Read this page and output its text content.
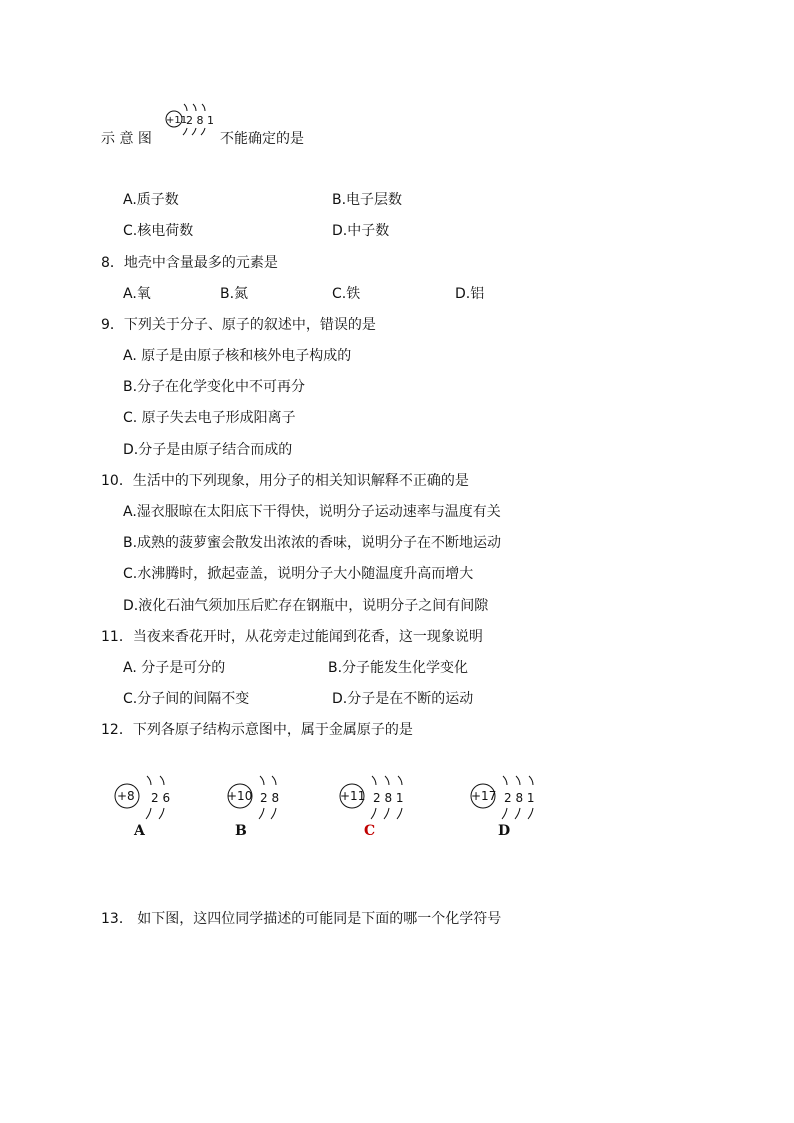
示 意 图
+11
2 8 1
不能确定的是
A.质子数	B.电子层数
C.核电荷数	D.中子数
8．地壳中含量最多的元素是
A.氧	B.氮	C.铁	D.铝
9．下列关于分子、原子的叙述中，错误的是
A. 原子是由原子核和核外电子构成的
B.分子在化学变化中不可再分
C. 原子失去电子形成阳离子
D.分子是由原子结合而成的
10．生活中的下列现象，用分子的相关知识解释不正确的是
A.湿衣服晾在太阳底下干得快，说明分子运动速率与温度有关
B.成熟的菠萝蜜会散发出浓浓的香味，说明分子在不断地运动
C.水沸腾时，掀起壶盖，说明分子大小随温度升高而增大
D.液化石油气须加压后贮存在钢瓶中，说明分子之间有间隙
11．当夜来香花开时，从花旁走过能闻到花香，这一现象说明
A. 分子是可分的	B.分子能发生化学变化
C.分子间的间隔不变	D.分子是在不断的运动
12．下列各原子结构示意图中，属于金属原子的是
+8 2 6
A
+10 2 8
B
+11 2 8 1
C
+17 2 8 1
D
13． 如下图，这四位同学描述的可能同是下面的哪一个化学符号
